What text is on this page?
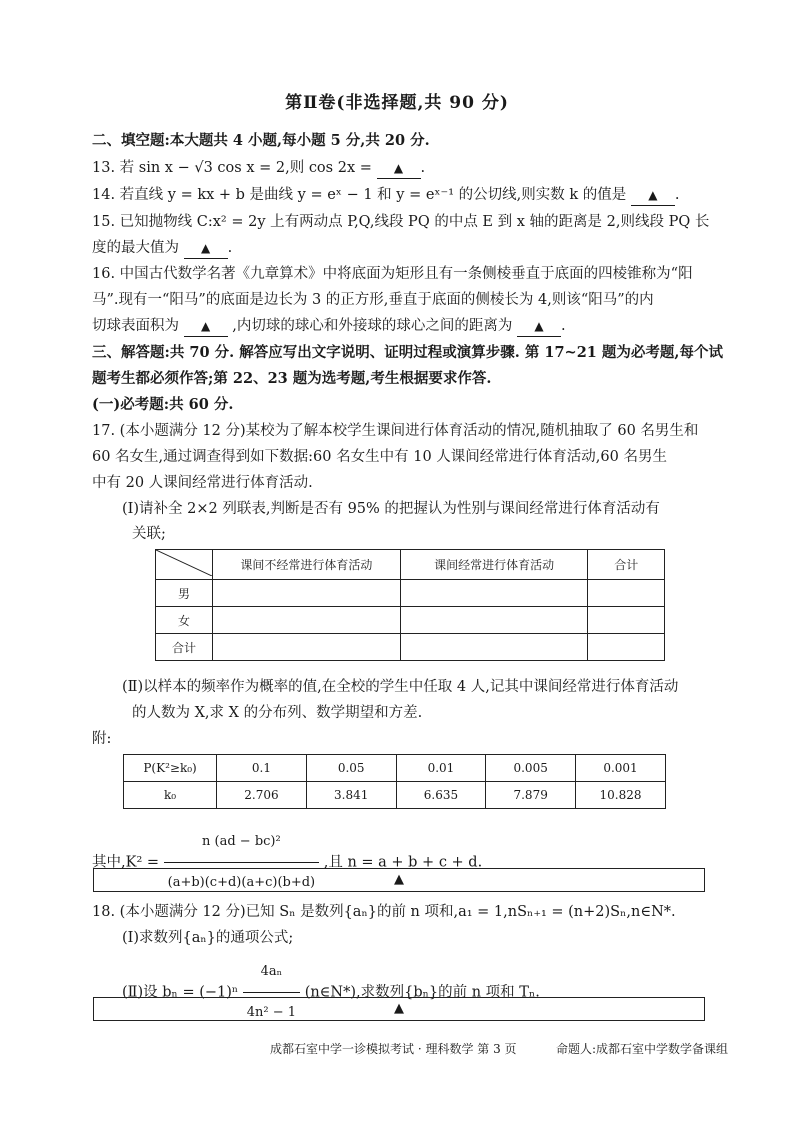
第Ⅱ卷(非选择题,共 90 分)
二、填空题:本大题共 4 小题,每小题 5 分,共 20 分.
13. 若 sin x − √3 cos x = 2,则 cos 2x = ▲ .
14. 若直线 y = kx + b 是曲线 y = eˣ − 1 和 y = eˣ⁻¹ 的公切线,则实数 k 的值是 ▲ .
15. 已知抛物线 C:x² = 2y 上有两动点 P,Q,线段 PQ 的中点 E 到 x 轴的距离是 2,则线段 PQ 长
度的最大值为 ▲ .
16. 中国古代数学名著《九章算术》中将底面为矩形且有一条侧棱垂直于底面的四棱锥称为“阳
马”.现有一“阳马”的底面是边长为 3 的正方形,垂直于底面的侧棱长为 4,则该“阳马”的内
切球表面积为 ▲ ,内切球的球心和外接球的球心之间的距离为 ▲ .
三、解答题:共 70 分. 解答应写出文字说明、证明过程或演算步骤. 第 17~21 题为必考题,每个试
题考生都必须作答;第 22、23 题为选考题,考生根据要求作答.
(一)必考题:共 60 分.
17. (本小题满分 12 分)某校为了解本校学生课间进行体育活动的情况,随机抽取了 60 名男生和
60 名女生,通过调查得到如下数据:60 名女生中有 10 人课间经常进行体育活动,60 名男生
中有 20 人课间经常进行体育活动.
(Ⅰ)请补全 2×2 列联表,判断是否有 95% 的把握认为性别与课间经常进行体育活动有
关联;
	课间不经常进行体育活动	课间经常进行体育活动	合计
男			
女			
合计			
(Ⅱ)以样本的频率作为概率的值,在全校的学生中任取 4 人,记其中课间经常进行体育活动
的人数为 X,求 X 的分布列、数学期望和方差.
附:
P(K²≥k₀)	0.1	0.05	0.01	0.005	0.001
k₀	2.706	3.841	6.635	7.879	10.828
其中$,K^2 = \frac{\text{n (ad − bc)²}}{(a+b)(c+d)(a+c)(b+d)}$ ,且 n = a + b + c + d.
▲
18. (本小题满分 12 分)已知 Sₙ 是数列{aₙ}的前 n 项和,a₁ = 1,nSₙ₊₁ = (n+2)Sₙ,n∈N*.
(Ⅰ)求数列{aₙ}的通项公式;
(Ⅱ)设 $b_n = (-1)^n \frac{\text{4aₙ}}{\text{4n² − 1}}$ (n∈N*),求数列{bₙ}的前 n 项和 Tₙ.
▲
成都石室中学一诊模拟考试 · 理科数学 第 3 页	命题人:成都石室中学数学备课组
